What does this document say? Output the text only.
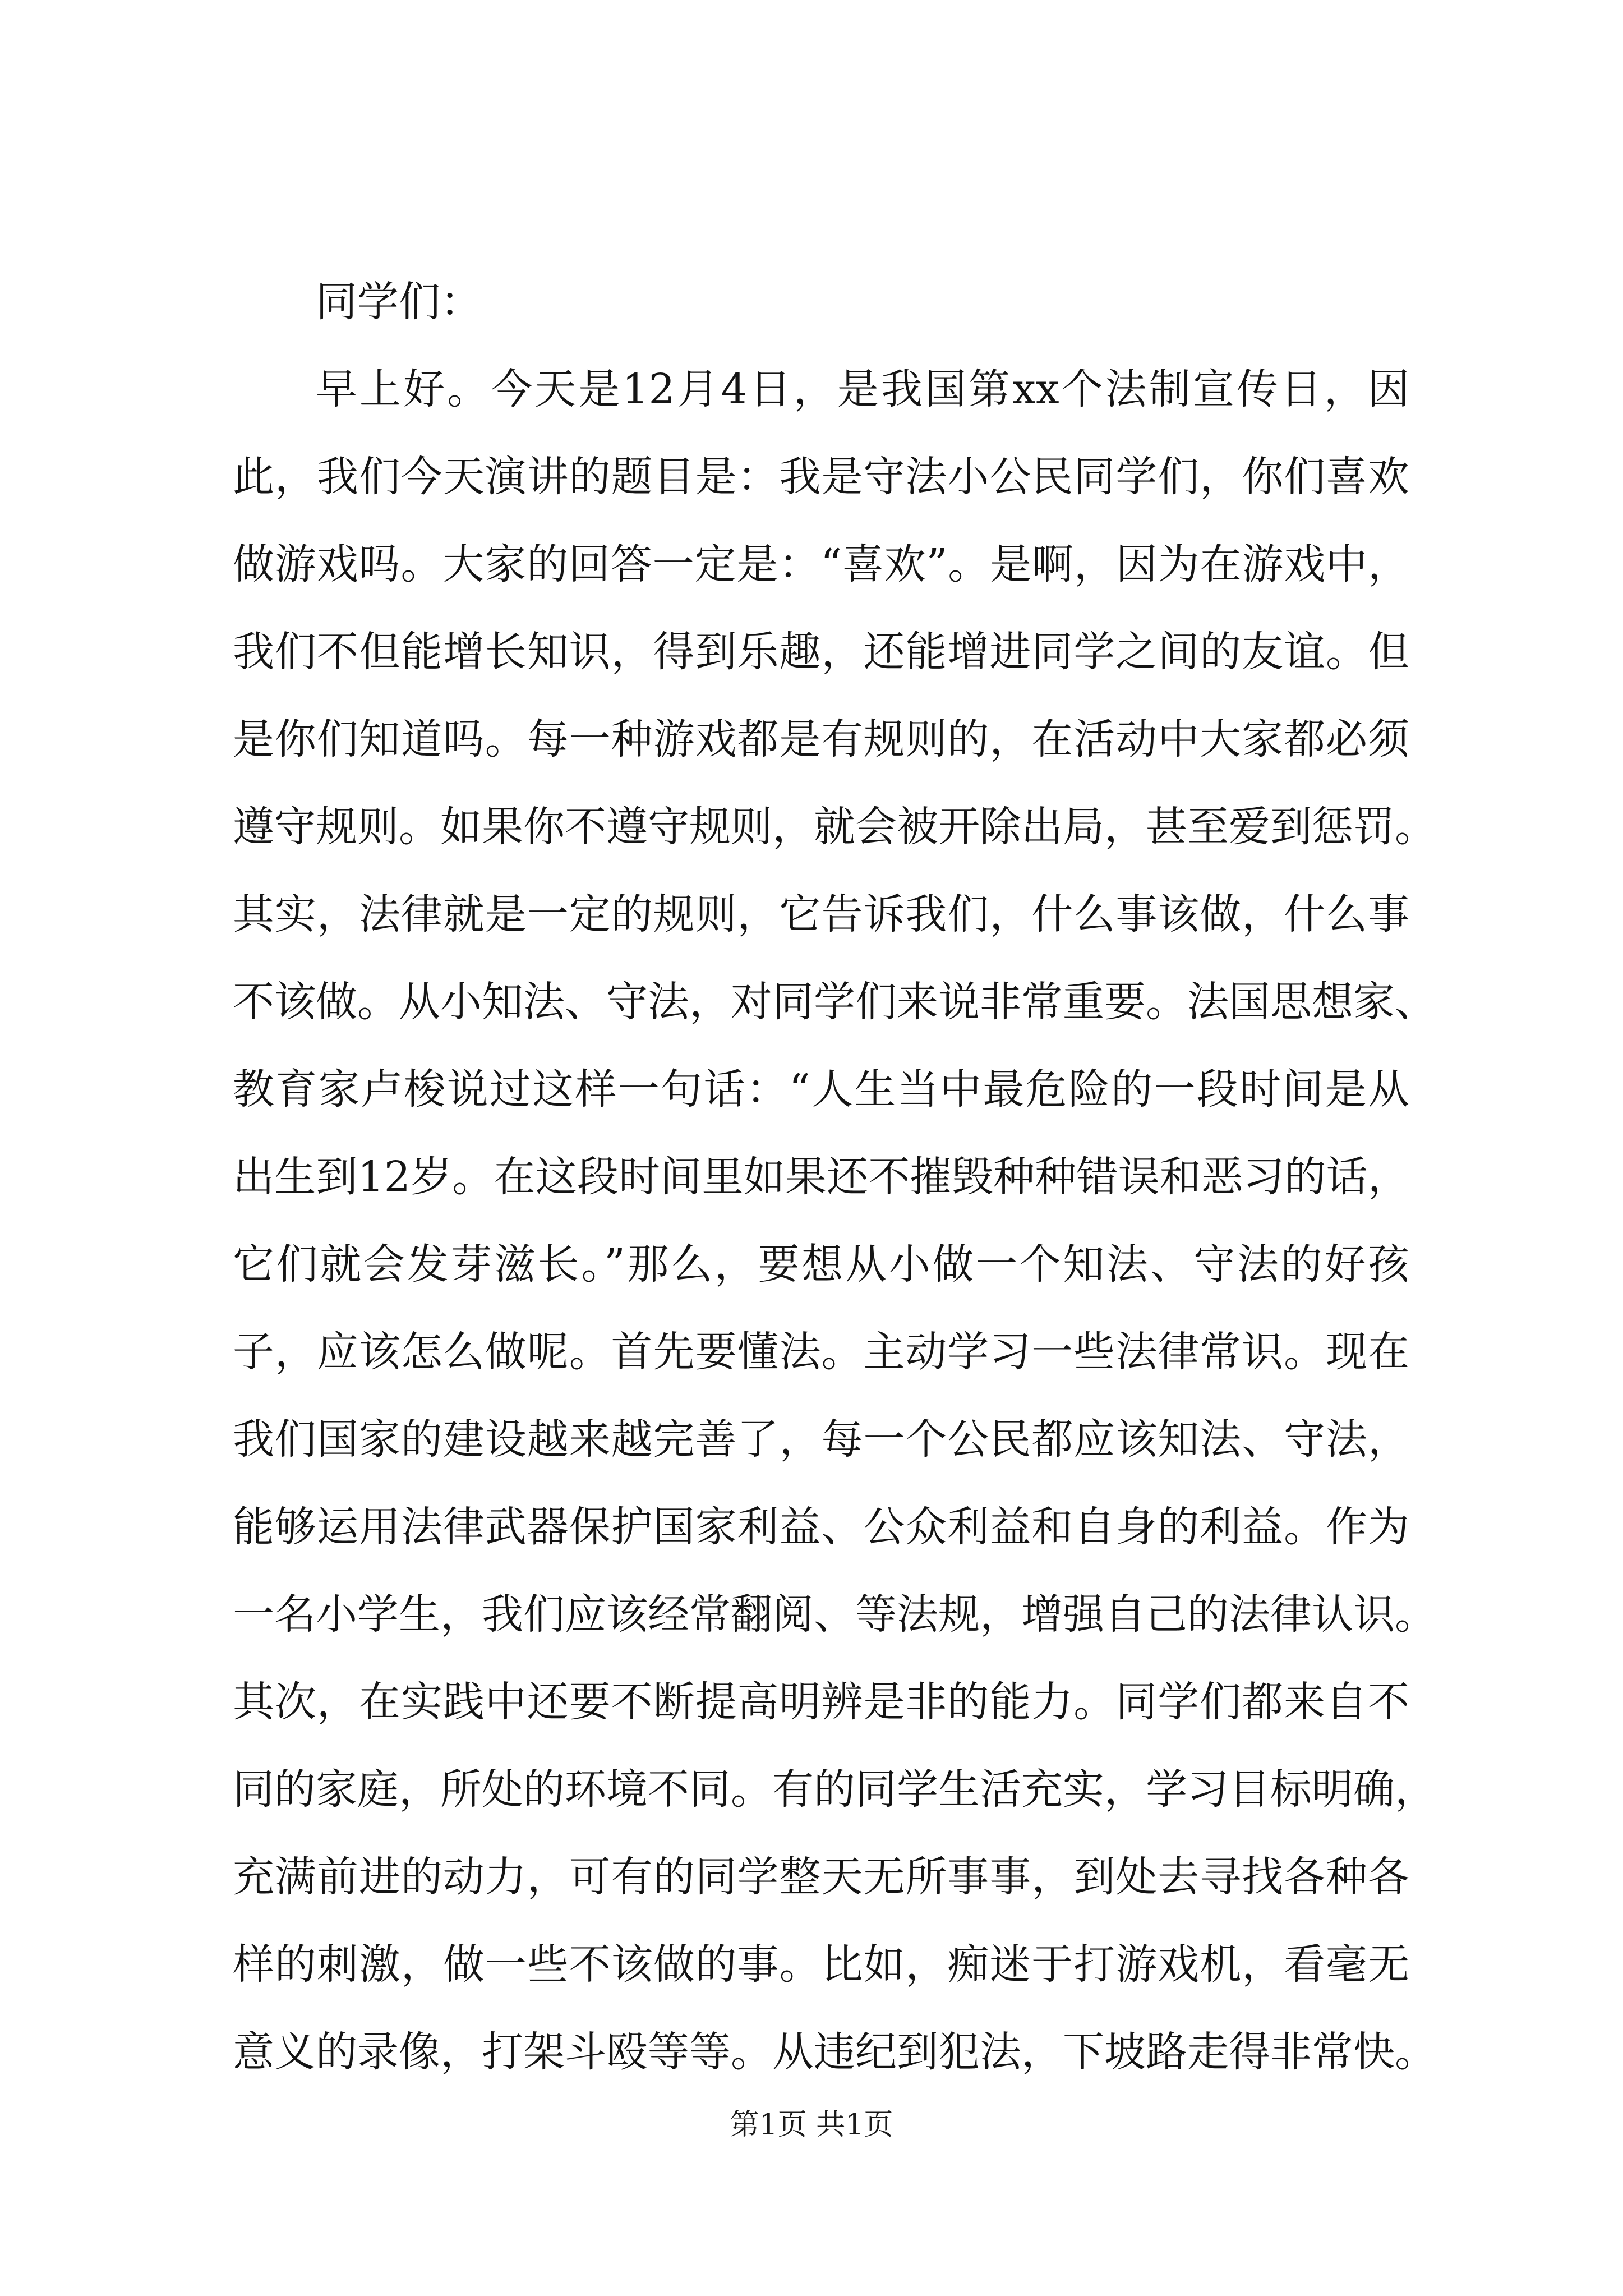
同学们：
早上好。今天是12月4日，是我国第xx个法制宣传日，因
此，我们今天演讲的题目是：我是守法小公民同学们，你们喜欢
做游戏吗。大家的回答一定是：“喜欢”。是啊，因为在游戏中，
我们不但能增长知识，得到乐趣，还能增进同学之间的友谊。但
是你们知道吗。每一种游戏都是有规则的，在活动中大家都必须
遵守规则。如果你不遵守规则，就会被开除出局，甚至爱到惩罚。
其实，法律就是一定的规则，它告诉我们，什么事该做，什么事
不该做。从小知法、守法，对同学们来说非常重要。法国思想家、
教育家卢梭说过这样一句话：“人生当中最危险的一段时间是从
出生到12岁。在这段时间里如果还不摧毁种种错误和恶习的话，
它们就会发芽滋长。”那么，要想从小做一个知法、守法的好孩
子，应该怎么做呢。首先要懂法。主动学习一些法律常识。现在
我们国家的建设越来越完善了，每一个公民都应该知法、守法，
能够运用法律武器保护国家利益、公众利益和自身的利益。作为
一名小学生，我们应该经常翻阅、等法规，增强自己的法律认识。
其次，在实践中还要不断提高明辨是非的能力。同学们都来自不
同的家庭，所处的环境不同。有的同学生活充实，学习目标明确，
充满前进的动力，可有的同学整天无所事事，到处去寻找各种各
样的刺激，做一些不该做的事。比如，痴迷于打游戏机，看毫无
意义的录像，打架斗殴等等。从违纪到犯法，下坡路走得非常快。
第1页 共1页
